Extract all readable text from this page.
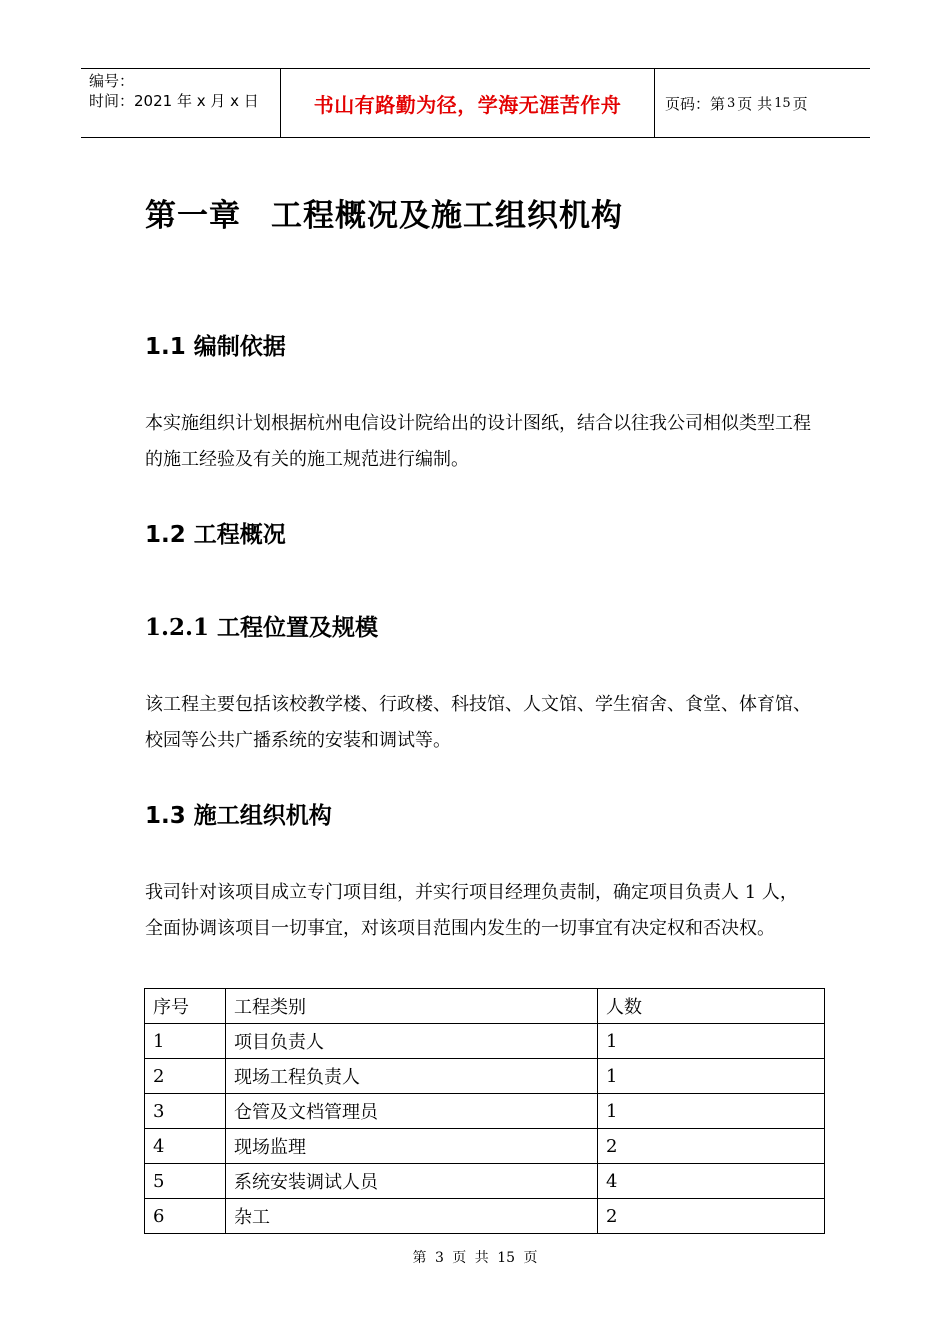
编号：
时间：2021 年 x 月 x 日	书山有路勤为径，学海无涯苦作舟	页码：第 3 页 共 15 页
第一章 工程概况及施工组织机构
1.1 编制依据
本实施组织计划根据杭州电信设计院给出的设计图纸，结合以往我公司相似类型工程的施工经验及有关的施工规范进行编制。
1.2 工程概况
1.2.1 工程位置及规模
该工程主要包括该校教学楼、行政楼、科技馆、人文馆、学生宿舍、食堂、体育馆、校园等公共广播系统的安装和调试等。
1.3 施工组织机构
我司针对该项目成立专门项目组，并实行项目经理负责制，确定项目负责人 1 人，全面协调该项目一切事宜，对该项目范围内发生的一切事宜有决定权和否决权。
序号	工程类别	人数
1	项目负责人	1
2	现场工程负责人	1
3	仓管及文档管理员	1
4	现场监理	2
5	系统安装调试人员	4
6	杂工	2
第 3 页 共 15 页
